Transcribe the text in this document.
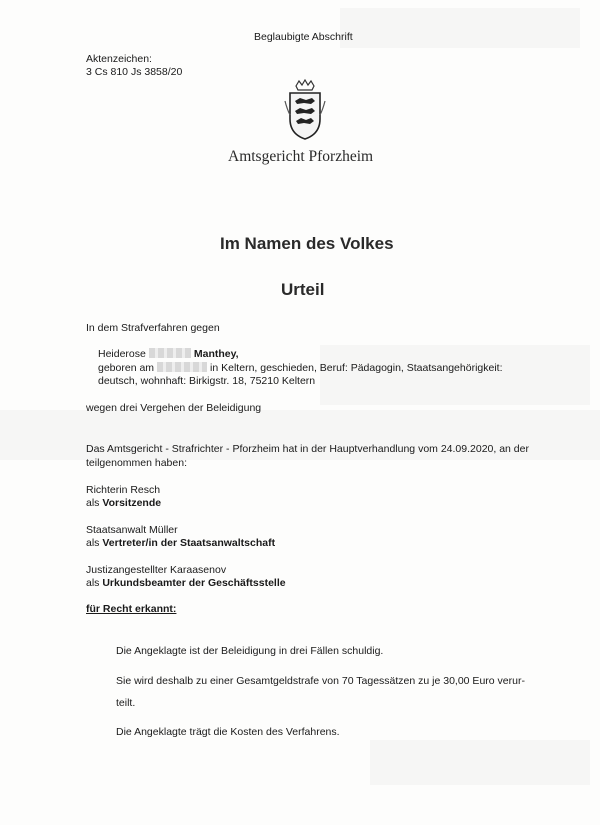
Beglaubigte Abschrift
Aktenzeichen:
3 Cs 810 Js 3858/20
Amtsgericht Pforzheim
Im Namen des Volkes
Urteil
In dem Strafverfahren gegen
Heiderose	Manthey,
geboren am	in Keltern, geschieden, Beruf: Pädagogin, Staatsangehörigkeit:
deutsch, wohnhaft: Birkigstr. 18, 75210 Keltern
wegen drei Vergehen der Beleidigung
Das Amtsgericht - Strafrichter - Pforzheim hat in der Hauptverhandlung vom 24.09.2020, an der
teilgenommen haben:
Richterin Resch
als Vorsitzende
Staatsanwalt Müller
als Vertreter/in der Staatsanwaltschaft
Justizangestellter Karaasenov
als Urkundsbeamter der Geschäftsstelle
für Recht erkannt:
Die Angeklagte ist der Beleidigung in drei Fällen schuldig.
Sie wird deshalb zu einer Gesamtgeldstrafe von 70 Tagessätzen zu je 30,00 Euro verur-
teilt.
Die Angeklagte trägt die Kosten des Verfahrens.
